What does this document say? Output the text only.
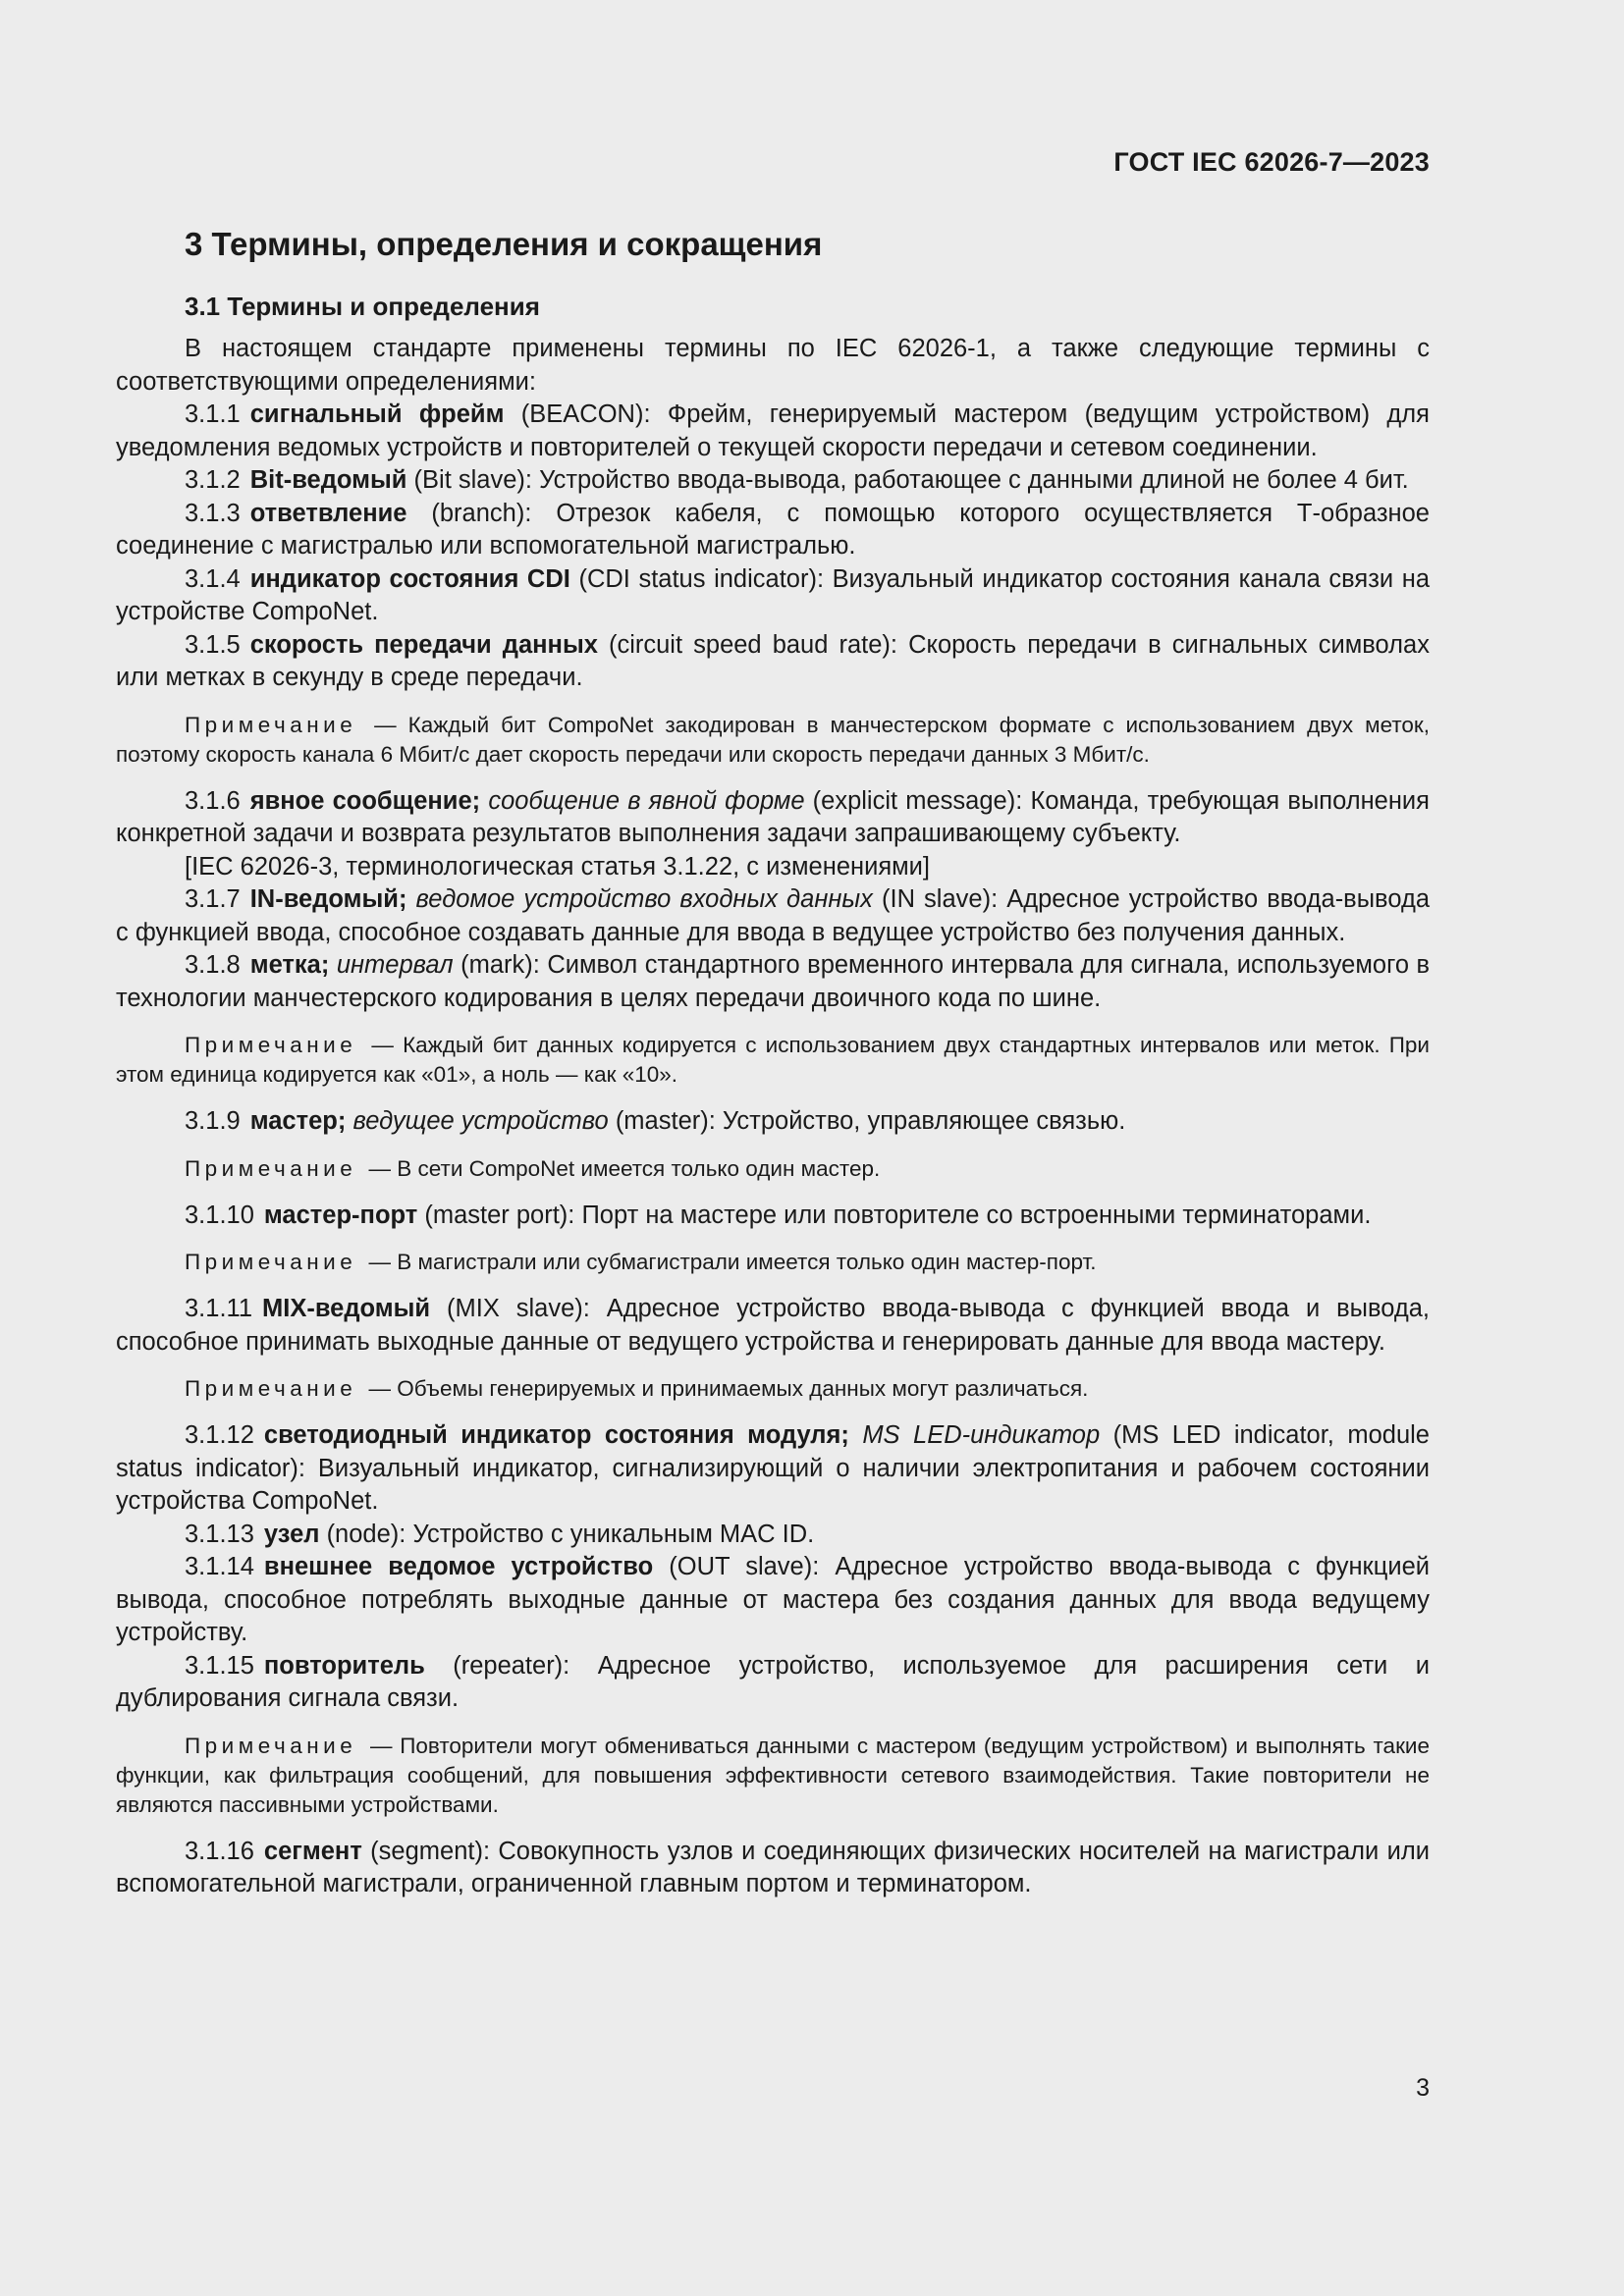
ГОСТ IEC 62026-7—2023
3 Термины, определения и сокращения
3.1 Термины и определения

В настоящем стандарте применены термины по IEC 62026-1, а также следующие термины с соответствующими определениями:

3.1.1 сигнальный фрейм (BEACON): Фрейм, генерируемый мастером (ведущим устройством) для уведомления ведомых устройств и повторителей о текущей скорости передачи и сетевом соединении.

3.1.2 Bit-ведомый (Bit slave): Устройство ввода-вывода, работающее с данными длиной не более 4 бит.

3.1.3 ответвление (branch): Отрезок кабеля, с помощью которого осуществляется Т-образное соединение с магистралью или вспомогательной магистралью.

3.1.4 индикатор состояния CDI (CDI status indicator): Визуальный индикатор состояния канала связи на устройстве CompoNet.

3.1.5 скорость передачи данных (circuit speed baud rate): Скорость передачи в сигнальных символах или метках в секунду в среде передачи.

Примечание — Каждый бит CompoNet закодирован в манчестерском формате с использованием двух меток, поэтому скорость канала 6 Мбит/с дает скорость передачи или скорость передачи данных 3 Мбит/с.

3.1.6 явное сообщение; сообщение в явной форме (explicit message): Команда, требующая выполнения конкретной задачи и возврата результатов выполнения задачи запрашивающему субъекту.

[IEC 62026-3, терминологическая статья 3.1.22, с изменениями]

3.1.7 IN-ведомый; ведомое устройство входных данных (IN slave): Адресное устройство ввода-вывода с функцией ввода, способное создавать данные для ввода в ведущее устройство без получения данных.

3.1.8 метка; интервал (mark): Символ стандартного временного интервала для сигнала, используемого в технологии манчестерского кодирования в целях передачи двоичного кода по шине.

Примечание — Каждый бит данных кодируется с использованием двух стандартных интервалов или меток. При этом единица кодируется как «01», а ноль — как «10».

3.1.9 мастер; ведущее устройство (master): Устройство, управляющее связью.

Примечание — В сети CompoNet имеется только один мастер.

3.1.10 мастер-порт (master port): Порт на мастере или повторителе со встроенными терминаторами.

Примечание — В магистрали или субмагистрали имеется только один мастер-порт.

3.1.11 MIX-ведомый (MIX slave): Адресное устройство ввода-вывода с функцией ввода и вывода, способное принимать выходные данные от ведущего устройства и генерировать данные для ввода мастеру.

Примечание — Объемы генерируемых и принимаемых данных могут различаться.

3.1.12 светодиодный индикатор состояния модуля; MS LED-индикатор (MS LED indicator, module status indicator): Визуальный индикатор, сигнализирующий о наличии электропитания и рабочем состоянии устройства CompoNet.

3.1.13 узел (node): Устройство с уникальным MAC ID.

3.1.14 внешнее ведомое устройство (OUT slave): Адресное устройство ввода-вывода с функцией вывода, способное потреблять выходные данные от мастера без создания данных для ввода ведущему устройству.

3.1.15 повторитель (repeater): Адресное устройство, используемое для расширения сети и дублирования сигнала связи.

Примечание — Повторители могут обмениваться данными с мастером (ведущим устройством) и выполнять такие функции, как фильтрация сообщений, для повышения эффективности сетевого взаимодействия. Такие повторители не являются пассивными устройствами.

3.1.16 сегмент (segment): Совокупность узлов и соединяющих физических носителей на магистрали или вспомогательной магистрали, ограниченной главным портом и терминатором.

3
